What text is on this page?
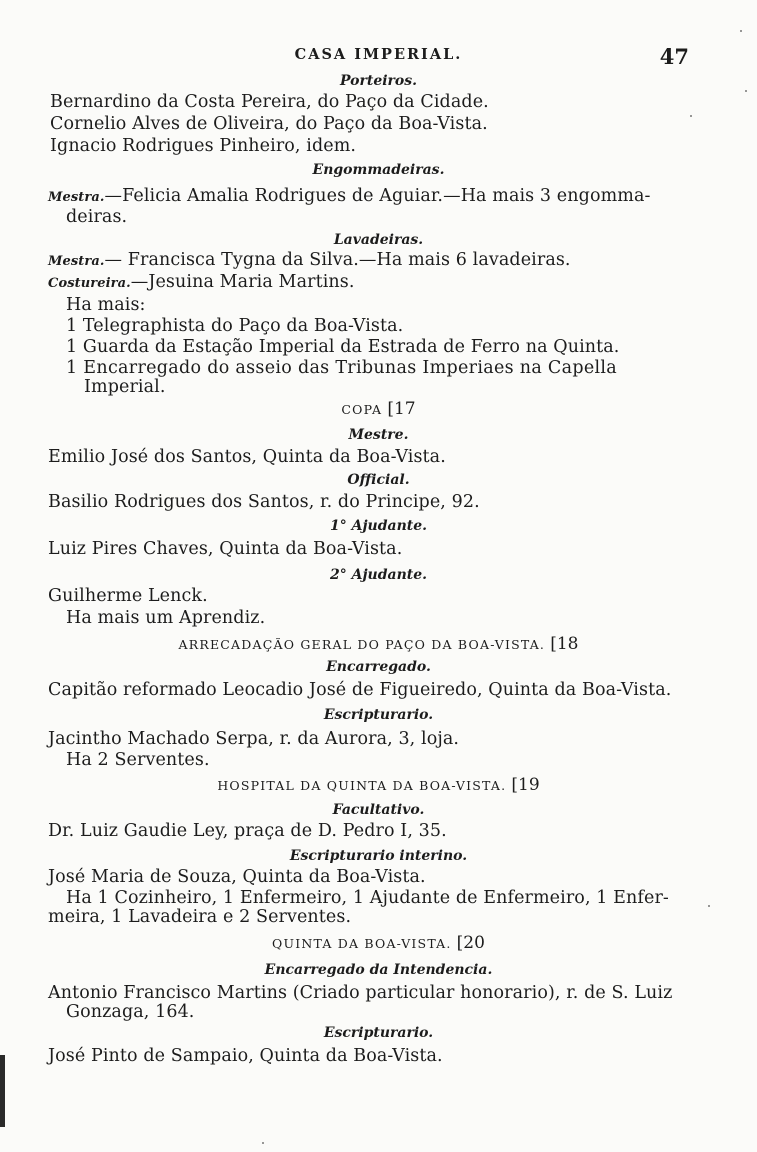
CASA IMPERIAL.	47
Porteiros.
Bernardino da Costa Pereira, do Paço da Cidade.
Cornelio Alves de Oliveira, do Paço da Boa-Vista.
Ignacio Rodrigues Pinheiro, idem.
Engommadeiras.
Mestra.—Felicia Amalia Rodrigues de Aguiar.—Ha mais 3 engomma-
deiras.
Lavadeiras.
Mestra.— Francisca Tygna da Silva.—Ha mais 6 lavadeiras.
Costureira.—Jesuina Maria Martins.
Ha mais:
1 Telegraphista do Paço da Boa-Vista.
1 Guarda da Estação Imperial da Estrada de Ferro na Quinta.
1 Encarregado do asseio das Tribunas Imperiaes na Capella
Imperial.
COPA [17
Mestre.
Emilio José dos Santos, Quinta da Boa-Vista.
Official.
Basilio Rodrigues dos Santos, r. do Principe, 92.
1° Ajudante.
Luiz Pires Chaves, Quinta da Boa-Vista.
2° Ajudante.
Guilherme Lenck.
Ha mais um Aprendiz.
ARRECADAÇÃO GERAL DO PAÇO DA BOA-VISTA. [18
Encarregado.
Capitão reformado Leocadio José de Figueiredo, Quinta da Boa-Vista.
Escripturario.
Jacintho Machado Serpa, r. da Aurora, 3, loja.
Ha 2 Serventes.
HOSPITAL DA QUINTA DA BOA-VISTA. [19
Facultativo.
Dr. Luiz Gaudie Ley, praça de D. Pedro I, 35.
Escripturario interino.
José Maria de Souza, Quinta da Boa-Vista.
Ha 1 Cozinheiro, 1 Enfermeiro, 1 Ajudante de Enfermeiro, 1 Enfer-
meira, 1 Lavadeira e 2 Serventes.
QUINTA DA BOA-VISTA. [20
Encarregado da Intendencia.
Antonio Francisco Martins (Criado particular honorario), r. de S. Luiz
Gonzaga, 164.
Escripturario.
José Pinto de Sampaio, Quinta da Boa-Vista.
